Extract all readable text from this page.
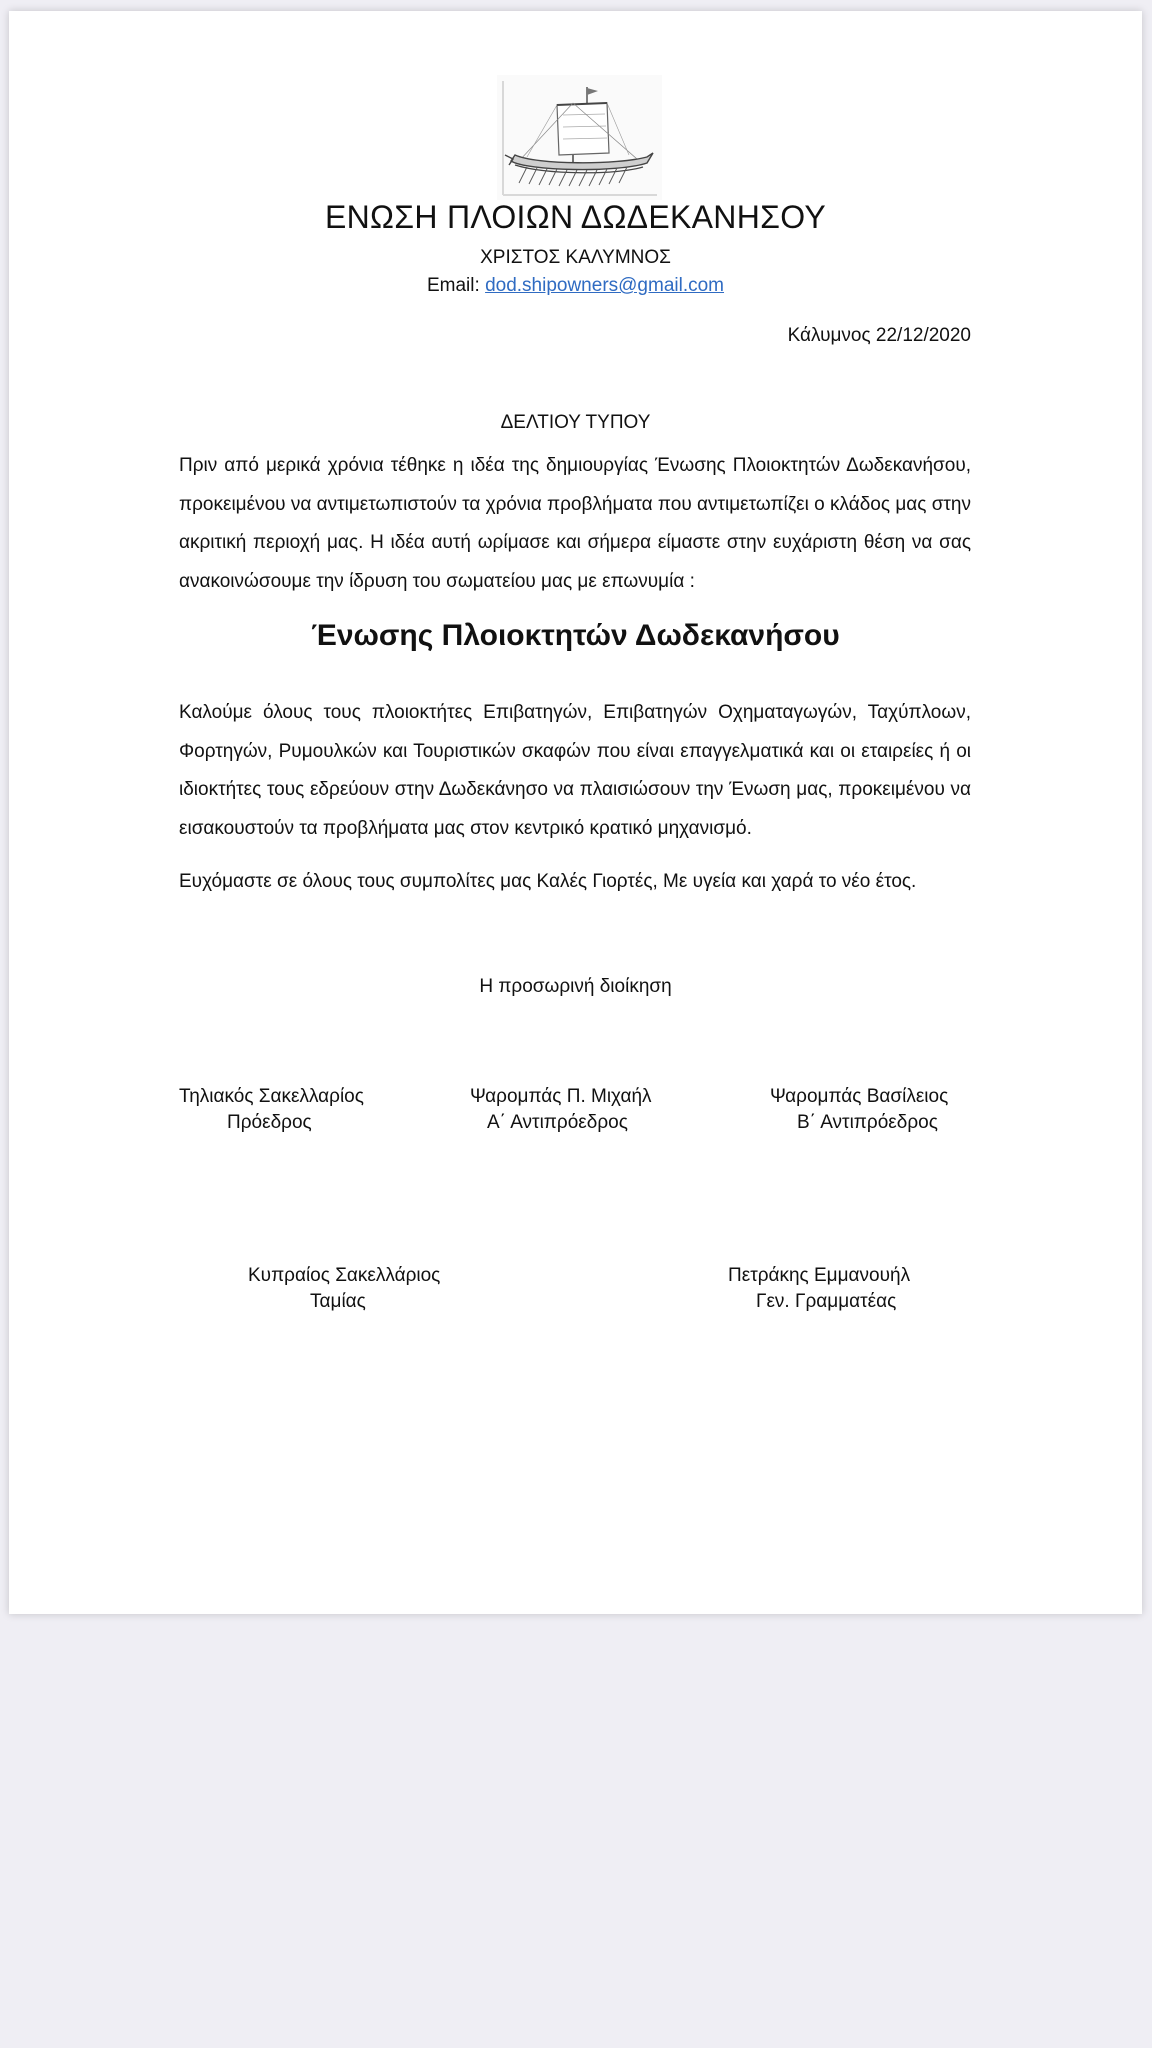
ΕΝΩΣΗ ΠΛΟΙΩΝ ΔΩΔΕΚΑΝΗΣΟΥ
ΧΡΙΣΤΟΣ ΚΑΛΥΜΝΟΣ
Email: dod.shipowners@gmail.com
Κάλυμνος 22/12/2020
ΔΕΛΤΙΟΥ ΤΥΠΟΥ
Πριν από μερικά χρόνια τέθηκε η ιδέα της δημιουργίας Ένωσης Πλοιοκτητών Δωδεκανήσου, προκειμένου να αντιμετωπιστούν τα χρόνια προβλήματα που αντιμετωπίζει ο κλάδος μας στην ακριτική περιοχή μας. Η ιδέα αυτή ωρίμασε και σήμερα είμαστε στην ευχάριστη θέση να σας ανακοινώσουμε την ίδρυση του σωματείου μας με επωνυμία :
Ένωσης Πλοιοκτητών Δωδεκανήσου
Καλούμε όλους τους πλοιοκτήτες Επιβατηγών, Επιβατηγών Οχηματαγωγών, Ταχύπλοων, Φορτηγών, Ρυμουλκών και Τουριστικών σκαφών που είναι επαγγελματικά και οι εταιρείες ή οι ιδιοκτήτες τους εδρεύουν στην Δωδεκάνησο να πλαισιώσουν την Ένωση μας, προκειμένου να εισακουστούν τα προβλήματα μας στον κεντρικό κρατικό μηχανισμό.
Ευχόμαστε σε όλους τους συμπολίτες μας Καλές Γιορτές, Με υγεία και χαρά το νέο έτος.
Η προσωρινή διοίκηση
Τηλιακός Σακελλαρίος
Πρόεδρος
Ψαρομπάς Π. Μιχαήλ
Α΄ Αντιπρόεδρος
Ψαρομπάς Βασίλειος
Β΄ Αντιπρόεδρος
Κυπραίος Σακελλάριος
Ταμίας
Πετράκης Εμμανουήλ
Γεν. Γραμματέας
